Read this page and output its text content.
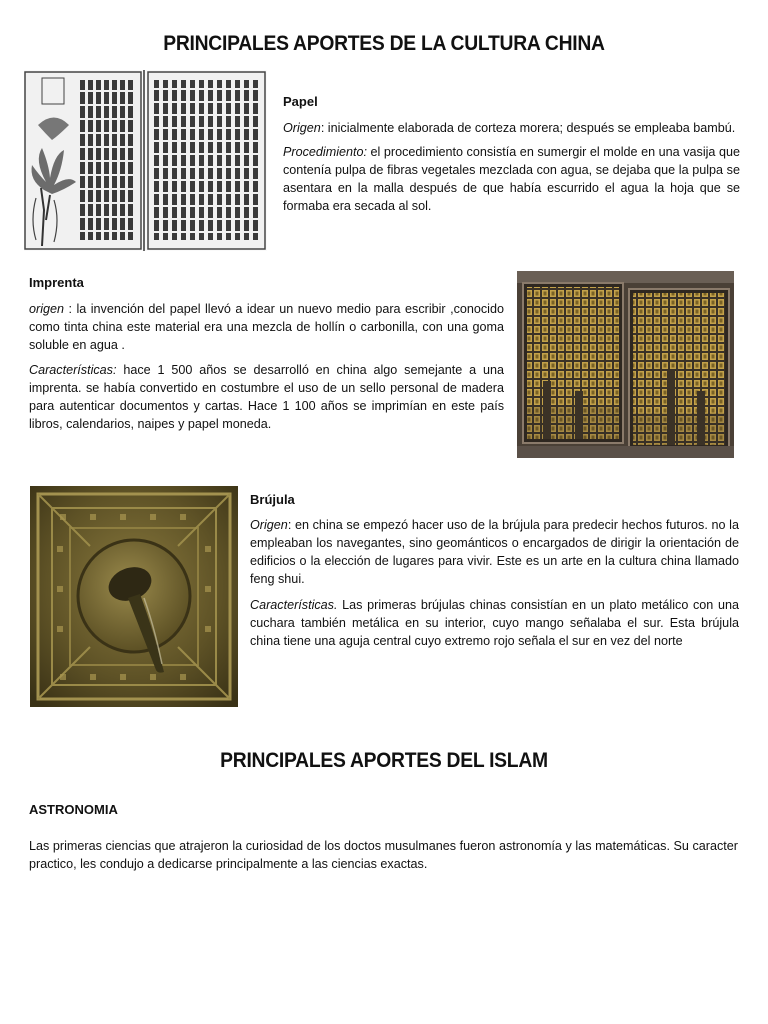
PRINCIPALES APORTES DE LA CULTURA CHINA
Papel

Origen: inicialmente elaborada de corteza morera; después se empleaba bambú.

Procedimiento: el procedimiento consistía en sumergir el molde en una vasija que contenía pulpa de fibras vegetales mezclada con agua, se dejaba que la pulpa se asentara en la malla después de que había escurrido el agua la hoja que se formaba era secada al sol.

Imprenta

origen : la invención del papel llevó a idear un nuevo medio para escribir ,conocido como tinta china este material era una mezcla de hollín o carbonilla, con una goma soluble en agua .

Características: hace 1 500 años se desarrolló en china algo semejante a una imprenta. se había convertido en costumbre el uso de un sello personal de madera para autenticar documentos y cartas. Hace 1 100 años se imprimían en este país libros, calendarios, naipes y papel moneda.

Brújula

Origen: en china se empezó hacer uso de la brújula para predecir hechos futuros. no la empleaban los navegantes, sino geománticos o encargados de dirigir la orientación de edificios o la elección de lugares para vivir. Este es un arte en la cultura china llamado feng shui.

Características. Las primeras brújulas chinas consistían en un plato metálico con una cuchara también metálica en su interior, cuyo mango señalaba el sur. Esta brújula china tiene una aguja central cuyo extremo rojo señala el sur en vez del norte

PRINCIPALES APORTES DEL ISLAM
ASTRONOMIA

Las primeras ciencias que atrajeron la curiosidad de los doctos musulmanes fueron astronomía y las matemáticas. Su caracter practico, les condujo a dedicarse principalmente a las ciencias exactas.
